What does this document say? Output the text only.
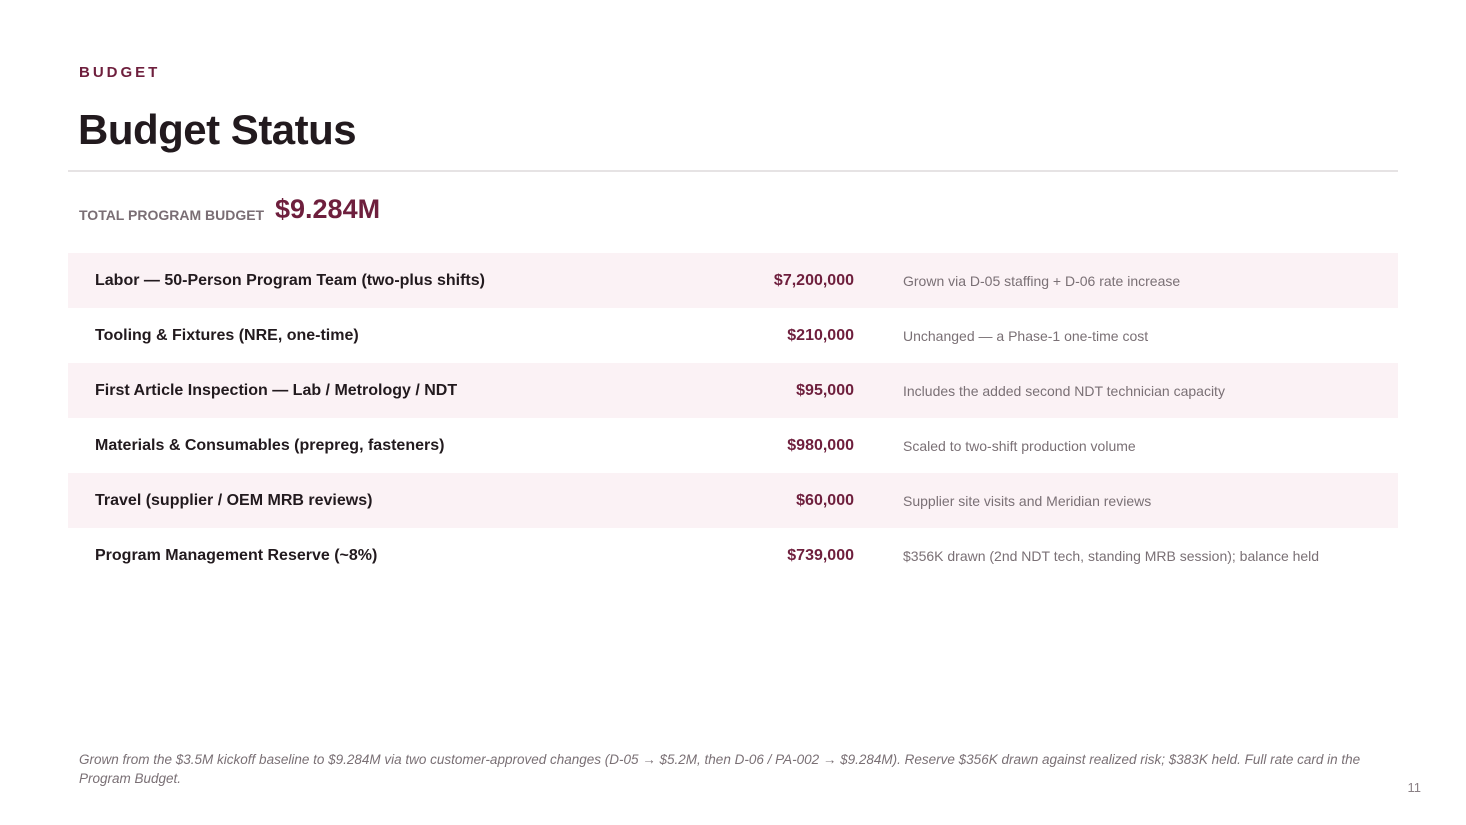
BUDGET
Budget Status
TOTAL PROGRAM BUDGET $9.284M
Labor — 50-Person Program Team (two-plus shifts)	$7,200,000	Grown via D-05 staffing + D-06 rate increase
Tooling & Fixtures (NRE, one-time)	$210,000	Unchanged — a Phase-1 one-time cost
First Article Inspection — Lab / Metrology / NDT	$95,000	Includes the added second NDT technician capacity
Materials & Consumables (prepreg, fasteners)	$980,000	Scaled to two-shift production volume
Travel (supplier / OEM MRB reviews)	$60,000	Supplier site visits and Meridian reviews
Program Management Reserve (~8%)	$739,000	$356K drawn (2nd NDT tech, standing MRB session); balance held
Grown from the $3.5M kickoff baseline to $9.284M via two customer-approved changes (D-05 → $5.2M, then D-06 / PA-002 → $9.284M). Reserve $356K drawn against realized risk; $383K held. Full rate card in the Program Budget.
11
